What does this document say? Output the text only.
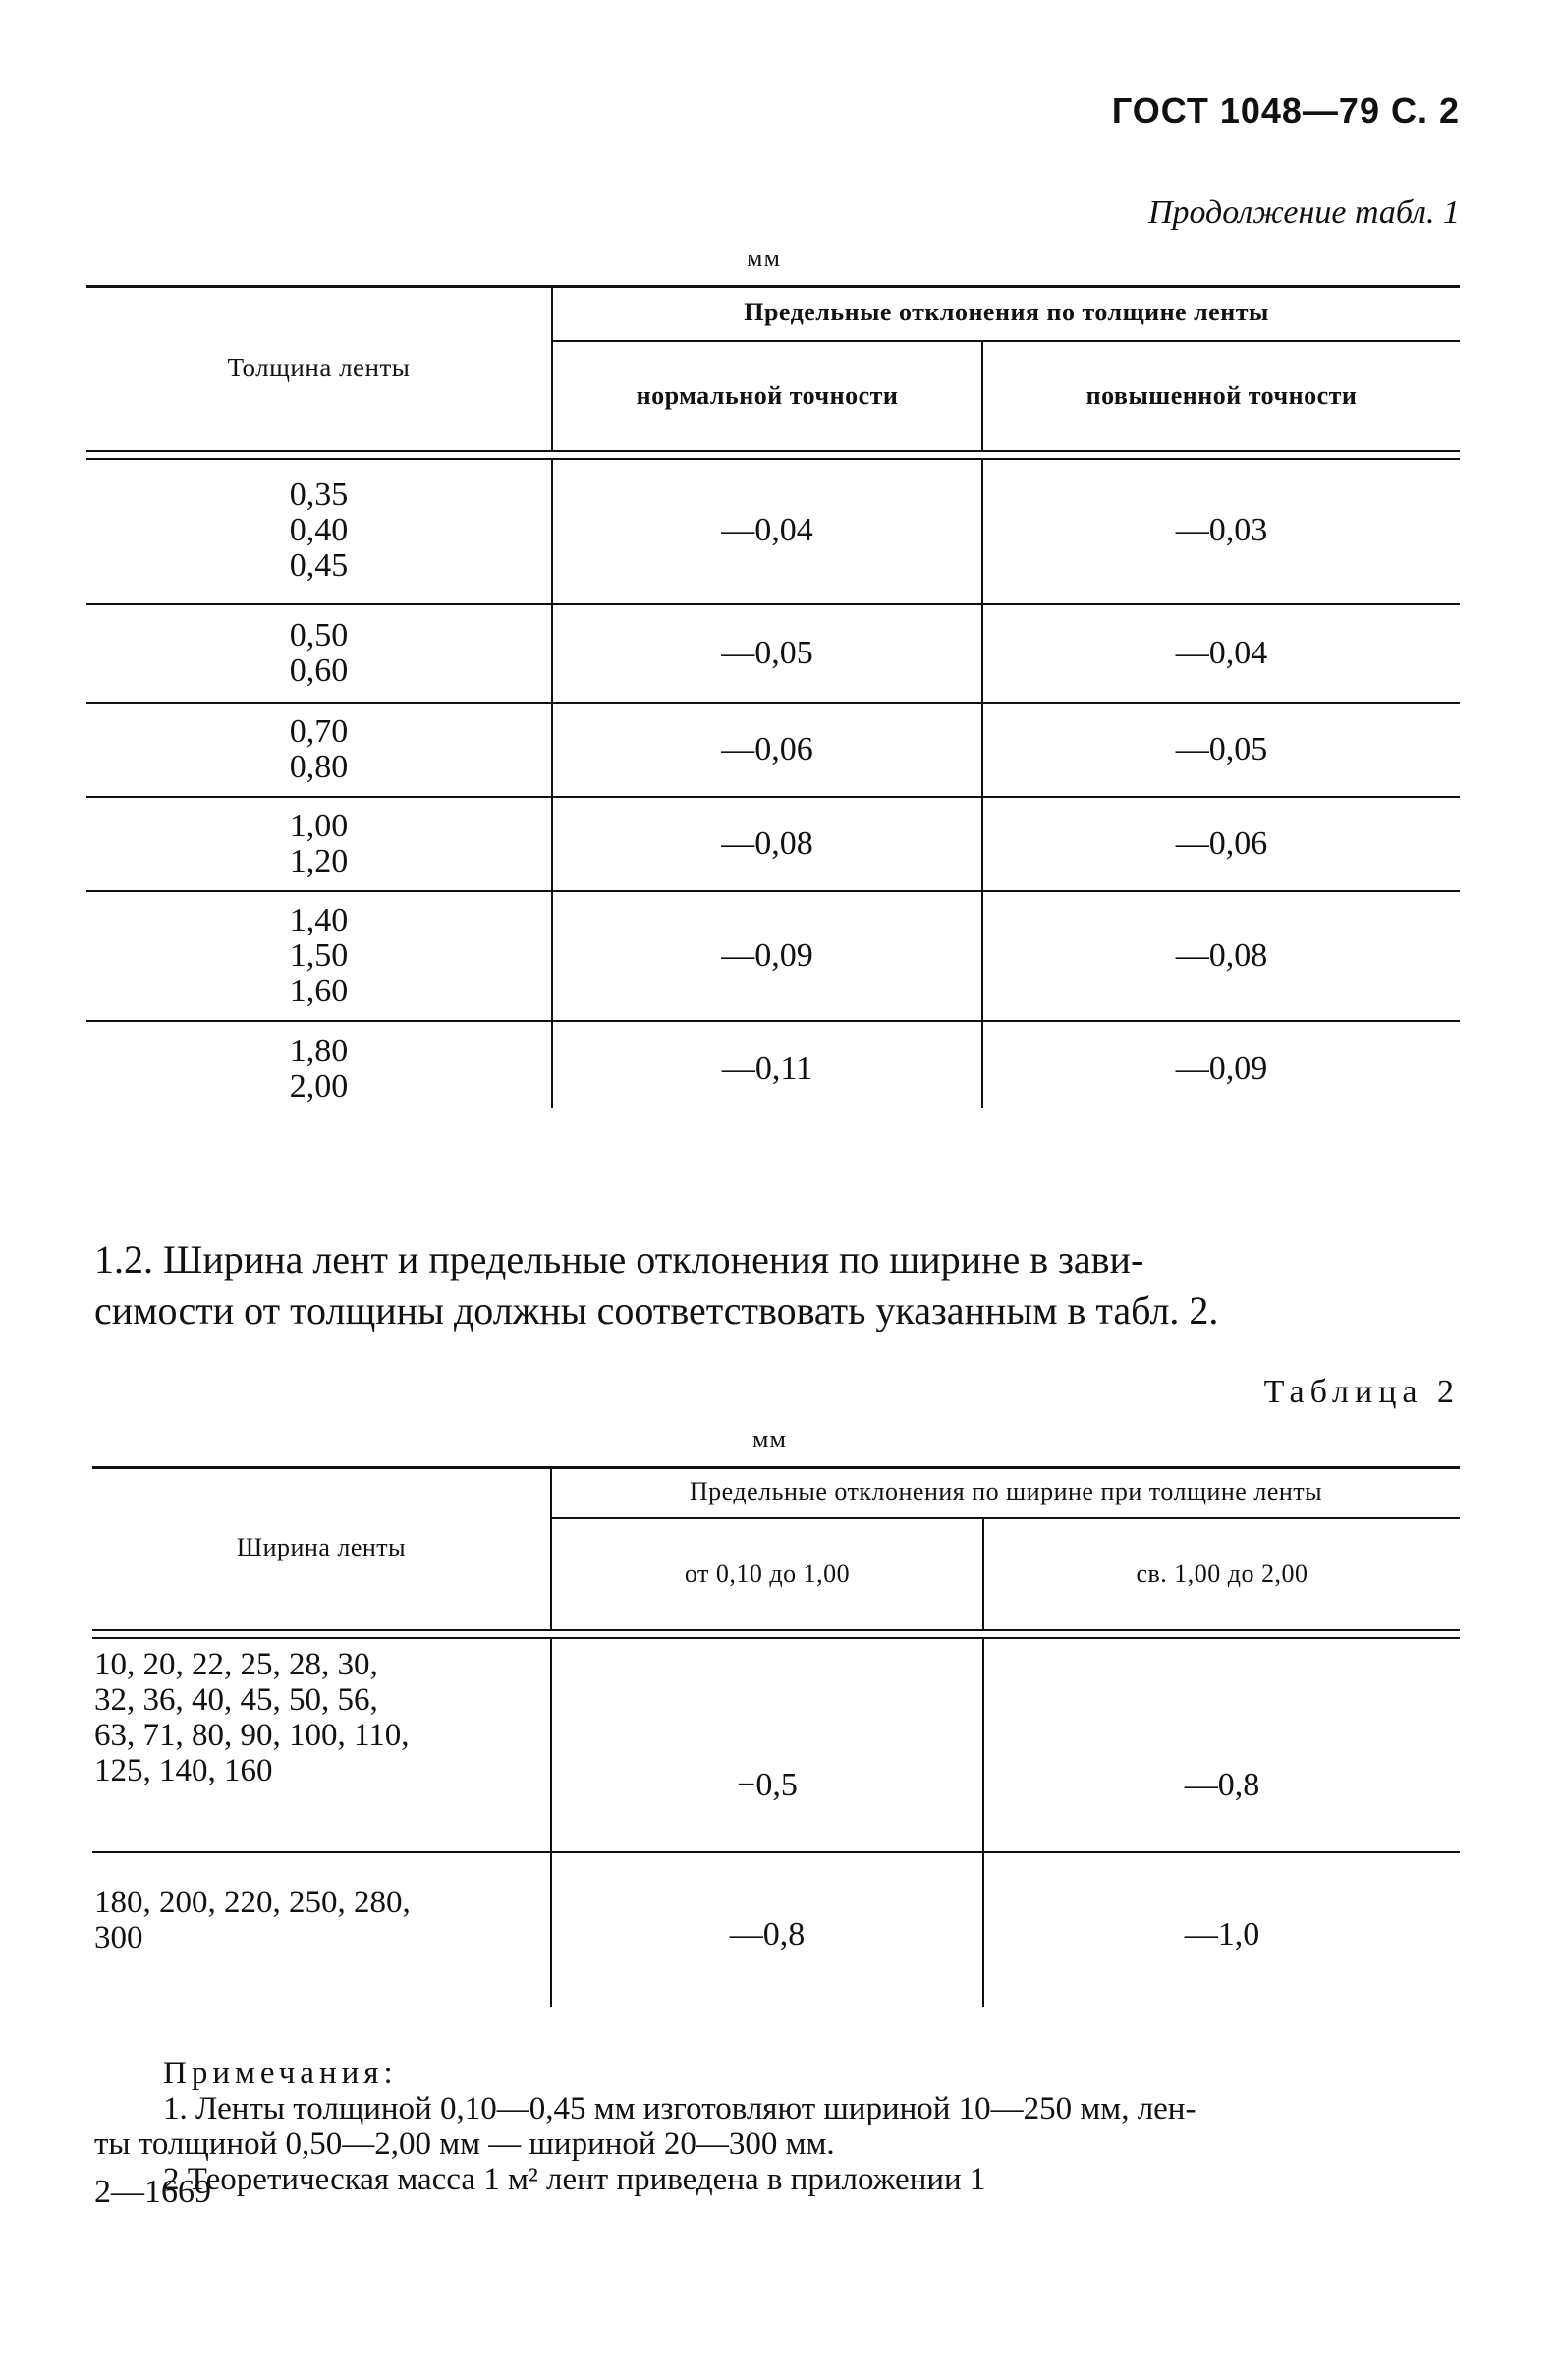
ГОСТ 1048—79 С. 2
Продолжение табл. 1
мм
Толщина ленты
Предельные отклонения по толщине ленты
нормальной точности	повышенной точности
0,35
0,40
0,45
—0,04	—0,03
0,50
0,60	—0,05	—0,04
0,70
0,80	—0,06	—0,05
1,00
1,20	—0,08	—0,06
1,40
1,50
1,60
—0,09	—0,08
1,80
2,00	—0,11	—0,09

1.2. Ширина лент и предельные отклонения по ширине в зави-

симости от толщины должны соответствовать указанным в табл. 2.

Таблица 2
мм
Ширина ленты
Предельные отклонения по ширине при толщине ленты
от 0,10 до 1,00	св. 1,00 до 2,00
10, 20, 22, 25, 28, 30,
32, 36, 40, 45, 50, 56,
63, 71, 80, 90, 100, 110,
125, 140, 160	−0,5	—0,8
180, 200, 220, 250, 280,
300	—0,8	—1,0
Примечания:
1. Ленты толщиной 0,10—0,45 мм изготовляют шириной 10—250 мм, лен-
ты толщиной 0,50—2,00 мм — шириной 20—300 мм.
2 Теоретическая масса 1 м² лент приведена в приложении 1
2—1669
